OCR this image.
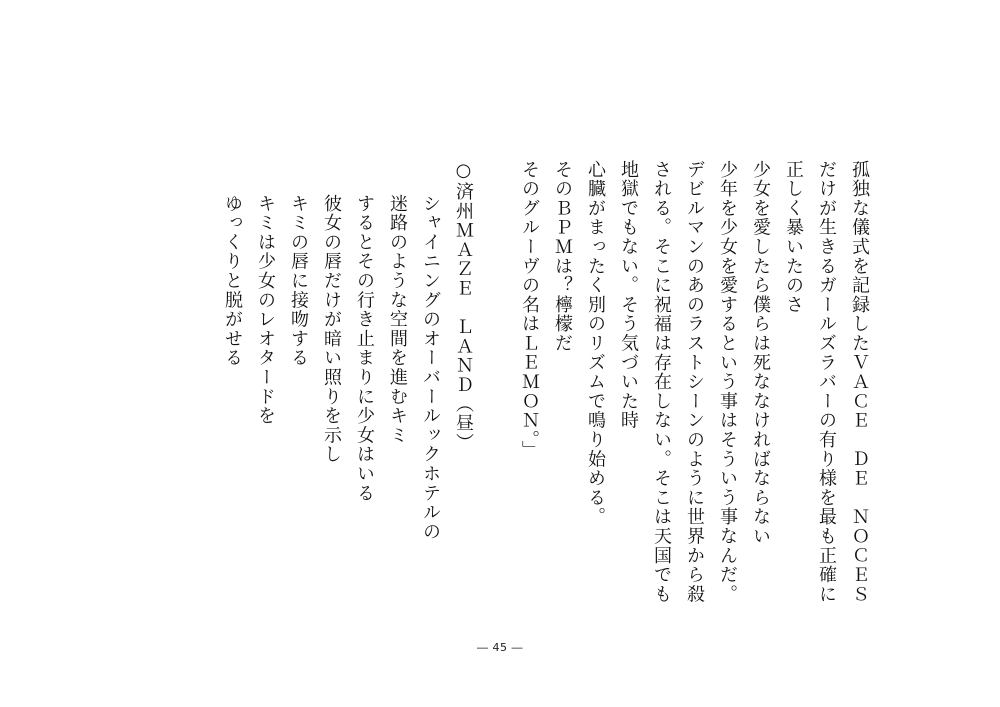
孤独な儀式を記録したＶＡＣＥ　ＤＥ　ＮＯＣＥＳ
だけが生きるガールズラバーの有り様を最も正確に
正しく暴いたのさ
少女を愛したら僕らは死ななければならない
少年を少女を愛するという事はそういう事なんだ。
デビルマンのあのラストシーンのように世界から殺
される。そこに祝福は存在しない。そこは天国でも
地獄でもない。そう気づいた時
心臓がまったく別のリズムで鳴り始める。
そのＢＰＭは？檸檬だ
そのグルーヴの名はＬＥＭＯＮ。」
○済州ＭＡＺＥ　ＬＡＮＤ（昼）
シャイニングのオーバールックホテルの
迷路のような空間を進むキミ
するとその行き止まりに少女はいる
彼女の唇だけが暗い照りを示し
キミの唇に接吻する
キミは少女のレオタードを
ゆっくりと脱がせる
― 45 ―
